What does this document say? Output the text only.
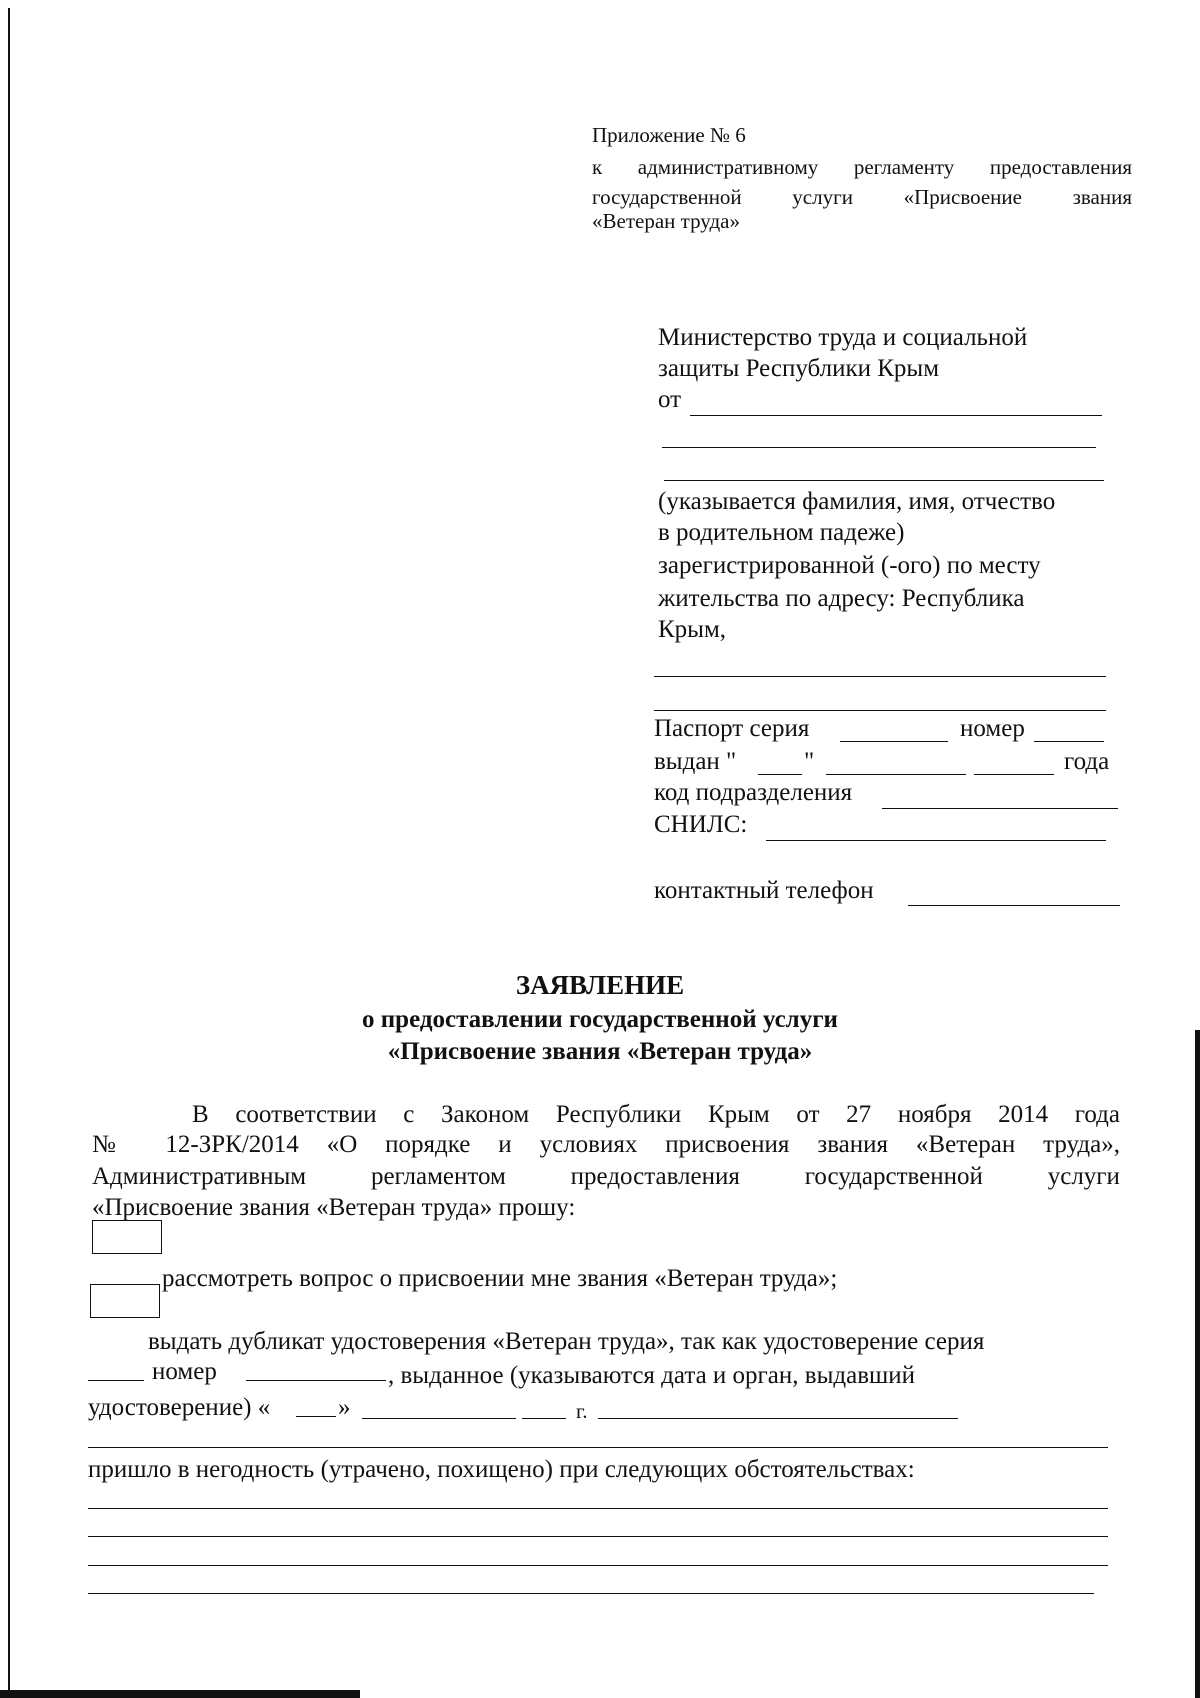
Приложение № 6
к административному регламенту предоставления
государственной услуги «Присвоение звания
«Ветеран труда»
Министерство труда и социальной
защиты Республики Крым
от
(указывается фамилия, имя, отчество
в родительном падеже)
зарегистрированной (-ого) по месту
жительства по адресу: Республика
Крым,
Паспорт серия	номер
выдан "	"	года
код подразделения
СНИЛС:
контактный телефон
ЗАЯВЛЕНИЕ
о предоставлении государственной услуги
«Присвоение звания «Ветеран труда»
В соответствии с Законом Республики Крым от 27 ноября 2014 года
№ 12-ЗРК/2014 «О порядке и условиях присвоения звания «Ветеран труда»,
Административным	регламентом	предоставления	государственной	услуги
«Присвоение звания «Ветеран труда» прошу:
рассмотреть вопрос о присвоении мне звания «Ветеран труда»;
выдать дубликат удостоверения «Ветеран труда», так как удостоверение серия
номер	, выданное (указываются дата и орган, выдавший
удостоверение) «	»	г.
пришло в негодность (утрачено, похищено) при следующих обстоятельствах:
